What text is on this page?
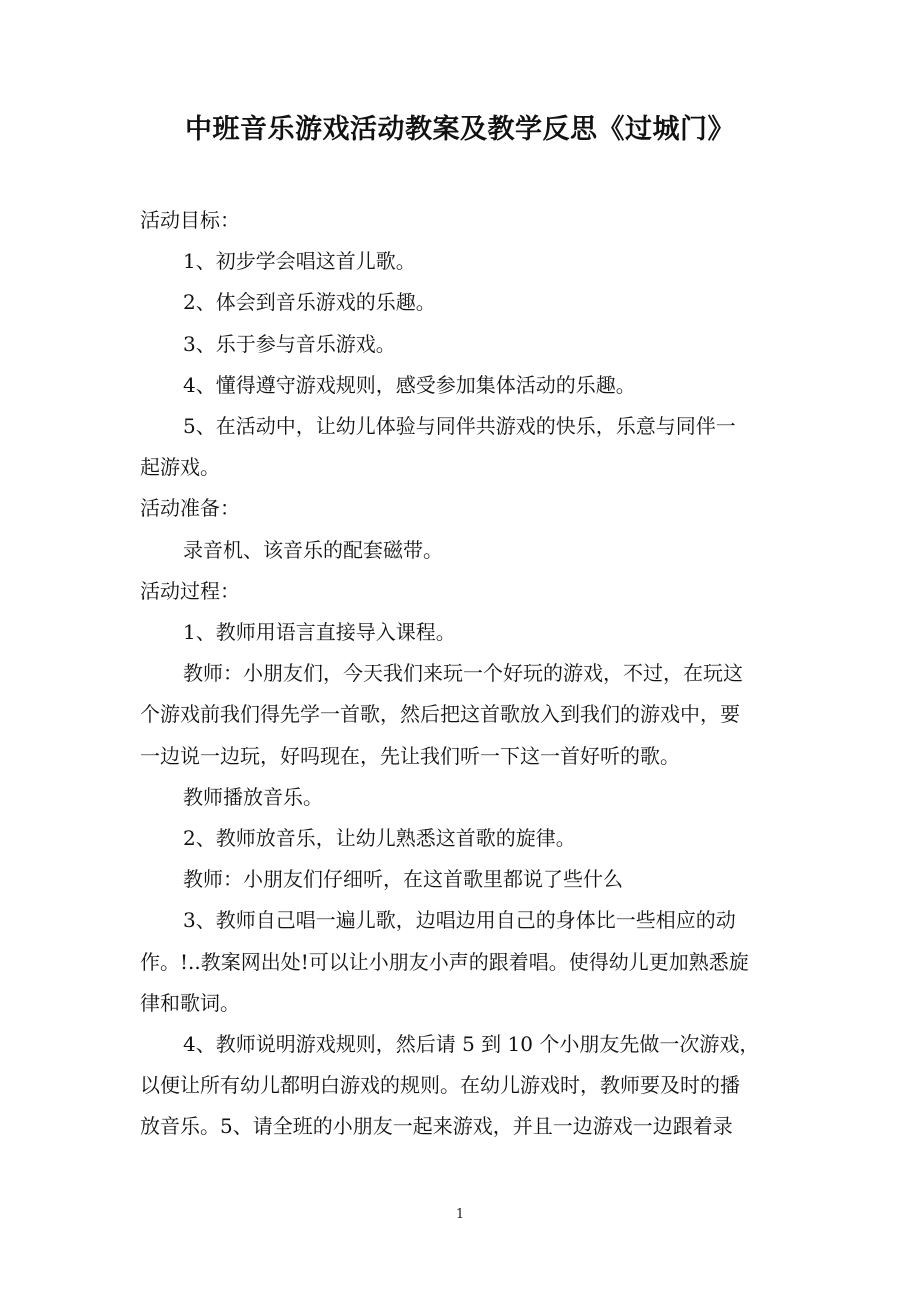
中班音乐游戏活动教案及教学反思《过城门》

活动目标：

1、初步学会唱这首儿歌。

2、体会到音乐游戏的乐趣。

3、乐于参与音乐游戏。

4、懂得遵守游戏规则，感受参加集体活动的乐趣。

5、在活动中，让幼儿体验与同伴共游戏的快乐，乐意与同伴一

起游戏。

活动准备：

录音机、该音乐的配套磁带。

活动过程：

1、教师用语言直接导入课程。

教师：小朋友们，今天我们来玩一个好玩的游戏，不过，在玩这

个游戏前我们得先学一首歌，然后把这首歌放入到我们的游戏中，要

一边说一边玩，好吗现在，先让我们听一下这一首好听的歌。

教师播放音乐。

2、教师放音乐，让幼儿熟悉这首歌的旋律。

教师：小朋友们仔细听，在这首歌里都说了些什么

3、教师自己唱一遍儿歌，边唱边用自己的身体比一些相应的动

作。!..教案网出处!可以让小朋友小声的跟着唱。使得幼儿更加熟悉旋

律和歌词。

4、教师说明游戏规则，然后请 5 到 10 个小朋友先做一次游戏，

以便让所有幼儿都明白游戏的规则。在幼儿游戏时，教师要及时的播

放音乐。5、请全班的小朋友一起来游戏，并且一边游戏一边跟着录

1
